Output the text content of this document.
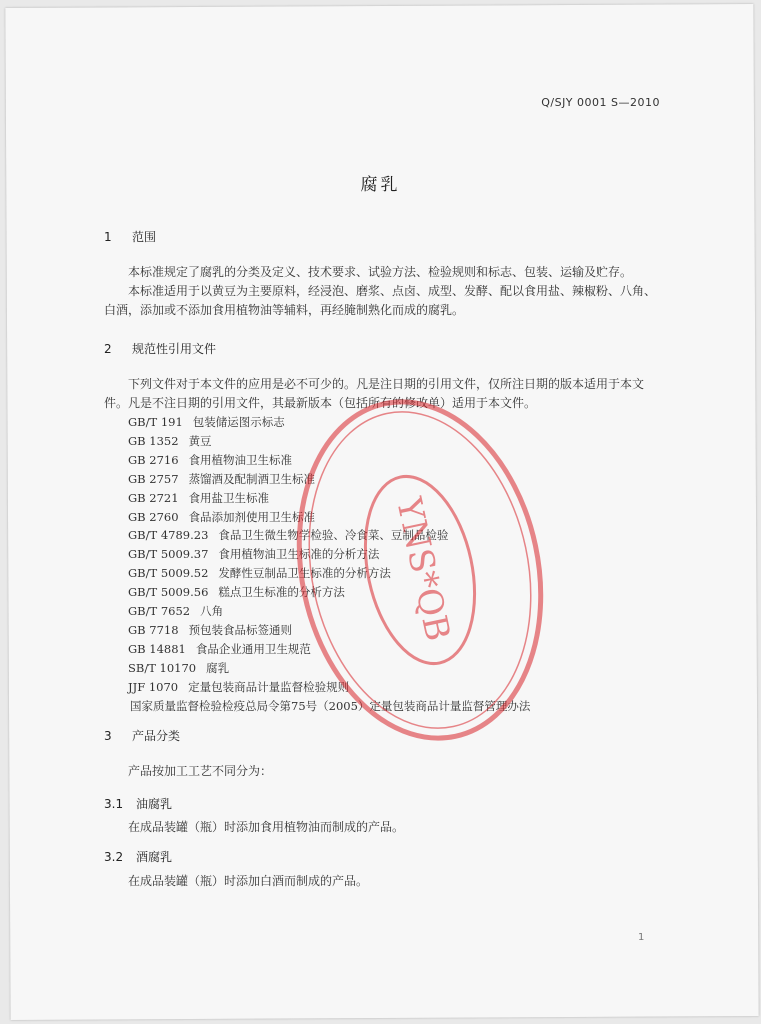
Q/SJY 0001 S—2010
腐乳
1 范围
本标准规定了腐乳的分类及定义、技术要求、试验方法、检验规则和标志、包装、运输及贮存。
本标准适用于以黄豆为主要原料，经浸泡、磨浆、点卤、成型、发酵、配以食用盐、辣椒粉、八角、白酒，添加或不添加食用植物油等辅料，再经腌制熟化而成的腐乳。
2 规范性引用文件
下列文件对于本文件的应用是必不可少的。凡是注日期的引用文件，仅所注日期的版本适用于本文件。凡是不注日期的引用文件，其最新版本（包括所有的修改单）适用于本文件。
GB/T 191 包装储运图示标志
GB 1352 黄豆
GB 2716 食用植物油卫生标准
GB 2757 蒸馏酒及配制酒卫生标准
GB 2721 食用盐卫生标准
GB 2760 食品添加剂使用卫生标准
GB/T 4789.23 食品卫生微生物学检验、冷食菜、豆制品检验
GB/T 5009.37 食用植物油卫生标准的分析方法
GB/T 5009.52 发酵性豆制品卫生标准的分析方法
GB/T 5009.56 糕点卫生标准的分析方法
GB/T 7652 八角
GB 7718 预包装食品标签通则
GB 14881 食品企业通用卫生规范
SB/T 10170 腐乳
JJF 1070 定量包装商品计量监督检验规则
国家质量监督检验检疫总局令第75号（2005）定量包装商品计量监督管理办法
3 产品分类
产品按加工工艺不同分为：
3.1 油腐乳
在成品装罐（瓶）时添加食用植物油而制成的产品。
3.2 酒腐乳
在成品装罐（瓶）时添加白酒而制成的产品。
YNS*QB
1
